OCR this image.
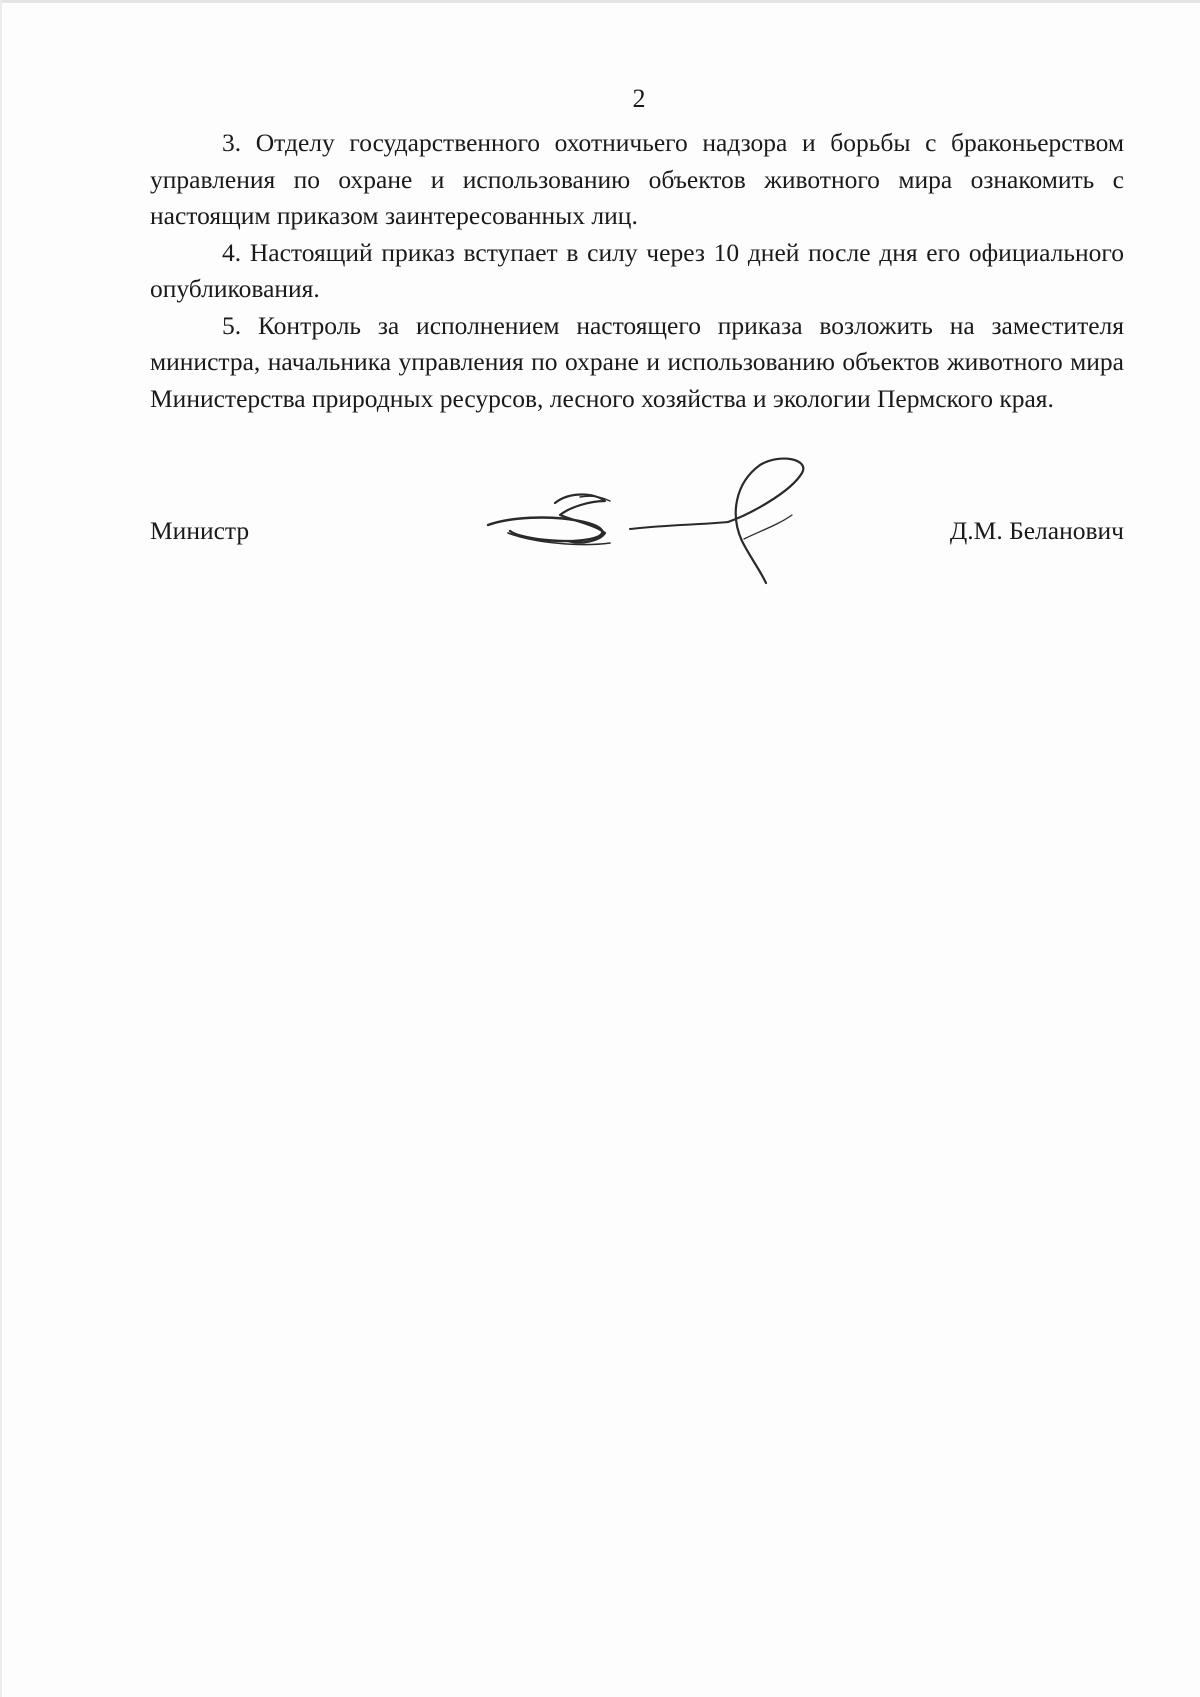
2

3. Отделу государственного охотничьего надзора и борьбы с браконьерством управления по охране и использованию объектов животного мира ознакомить с настоящим приказом заинтересованных лиц.

4. Настоящий приказ вступает в силу через 10 дней после дня его официального опубликования.

5. Контроль за исполнением настоящего приказа возложить на заместителя министра, начальника управления по охране и использованию объектов животного мира Министерства природных ресурсов, лесного хозяйства и экологии Пермского края.

Министр	Д.М. Беланович
